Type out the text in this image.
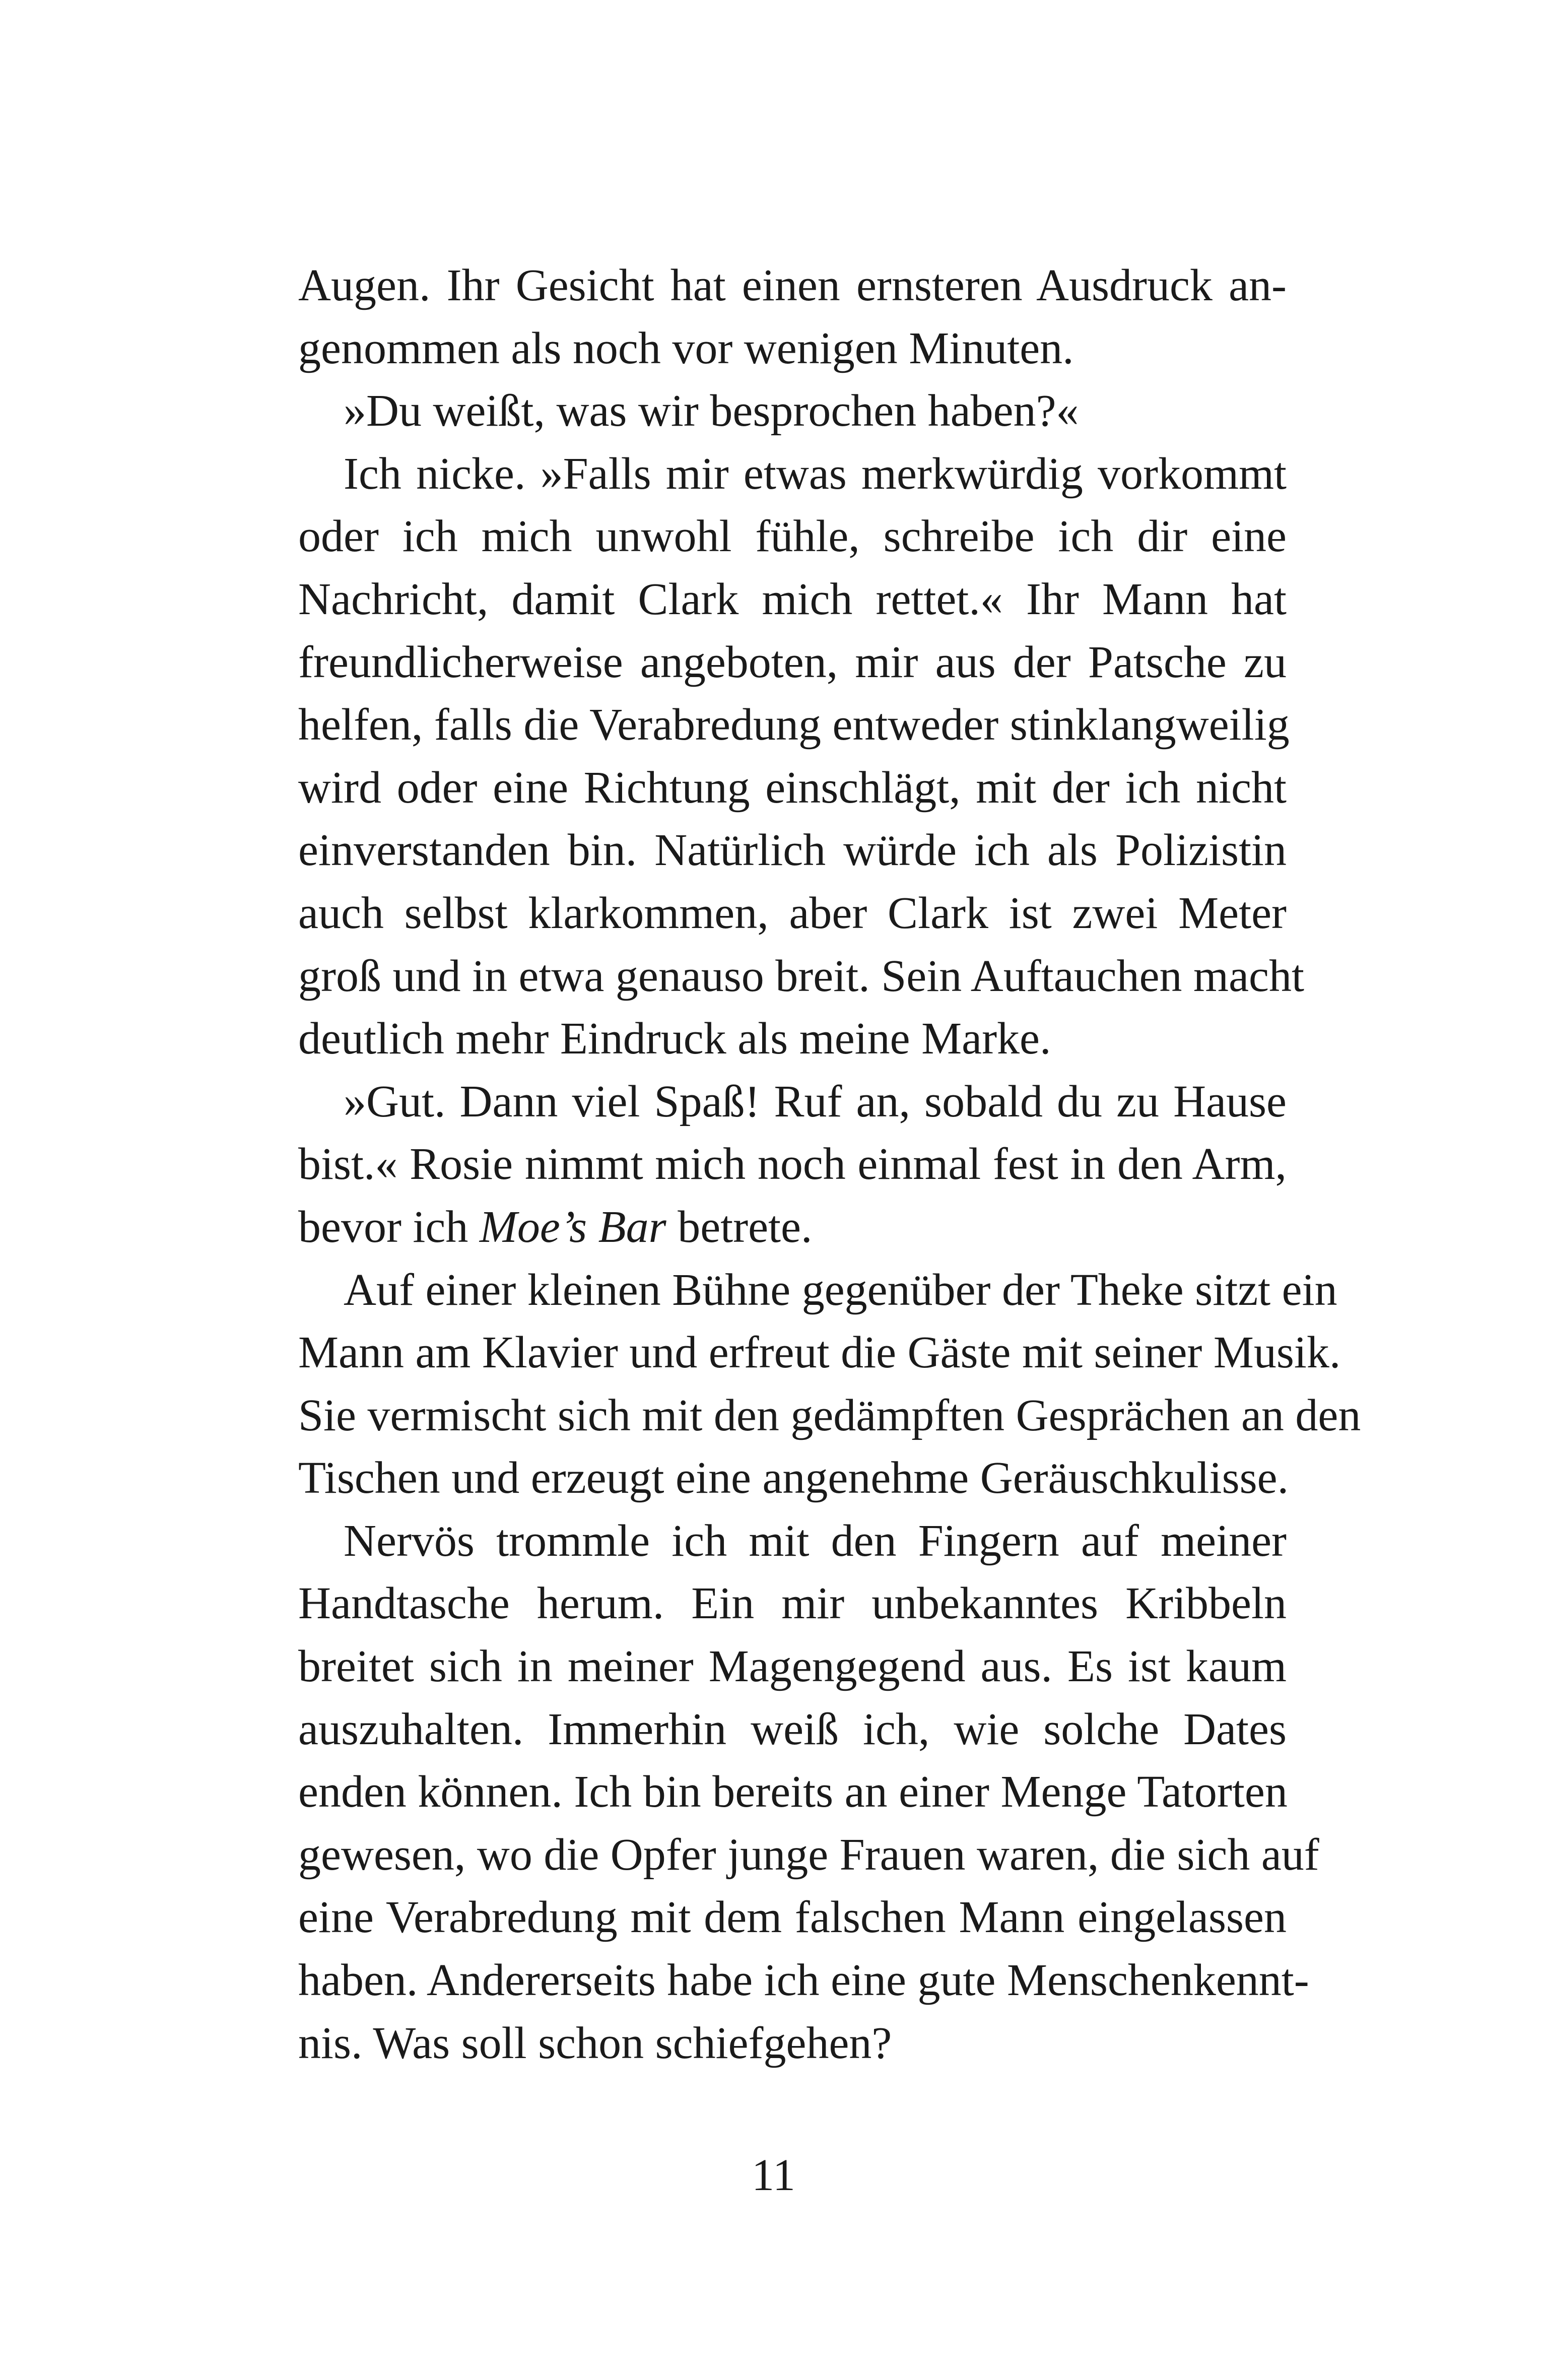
Augen. Ihr Gesicht hat einen ernsteren Ausdruck an-
genommen als noch vor wenigen Minuten.
»Du weißt, was wir besprochen haben?«
Ich nicke. »Falls mir etwas merkwürdig vorkommt
oder ich mich unwohl fühle, schreibe ich dir eine
Nachricht, damit Clark mich rettet.« Ihr Mann hat
freundlicherweise angeboten, mir aus der Patsche zu
helfen, falls die Verabredung entweder stinklangweilig
wird oder eine Richtung einschlägt, mit der ich nicht
einverstanden bin. Natürlich würde ich als Polizistin
auch selbst klarkommen, aber Clark ist zwei Meter
groß und in etwa genauso breit. Sein Auftauchen macht
deutlich mehr Eindruck als meine Marke.
»Gut. Dann viel Spaß! Ruf an, sobald du zu Hause
bist.« Rosie nimmt mich noch einmal fest in den Arm,
bevor ich Moe’s Bar betrete.
Auf einer kleinen Bühne gegenüber der Theke sitzt ein
Mann am Klavier und erfreut die Gäste mit seiner Musik.
Sie vermischt sich mit den gedämpften Gesprächen an den
Tischen und erzeugt eine angenehme Geräuschkulisse.
Nervös trommle ich mit den Fingern auf meiner
Handtasche herum. Ein mir unbekanntes Kribbeln
breitet sich in meiner Magengegend aus. Es ist kaum
auszuhalten. Immerhin weiß ich, wie solche Dates
enden können. Ich bin bereits an einer Menge Tatorten
gewesen, wo die Opfer junge Frauen waren, die sich auf
eine Verabredung mit dem falschen Mann eingelassen
haben. Andererseits habe ich eine gute Menschenkennt-
nis. Was soll schon schiefgehen?
11
